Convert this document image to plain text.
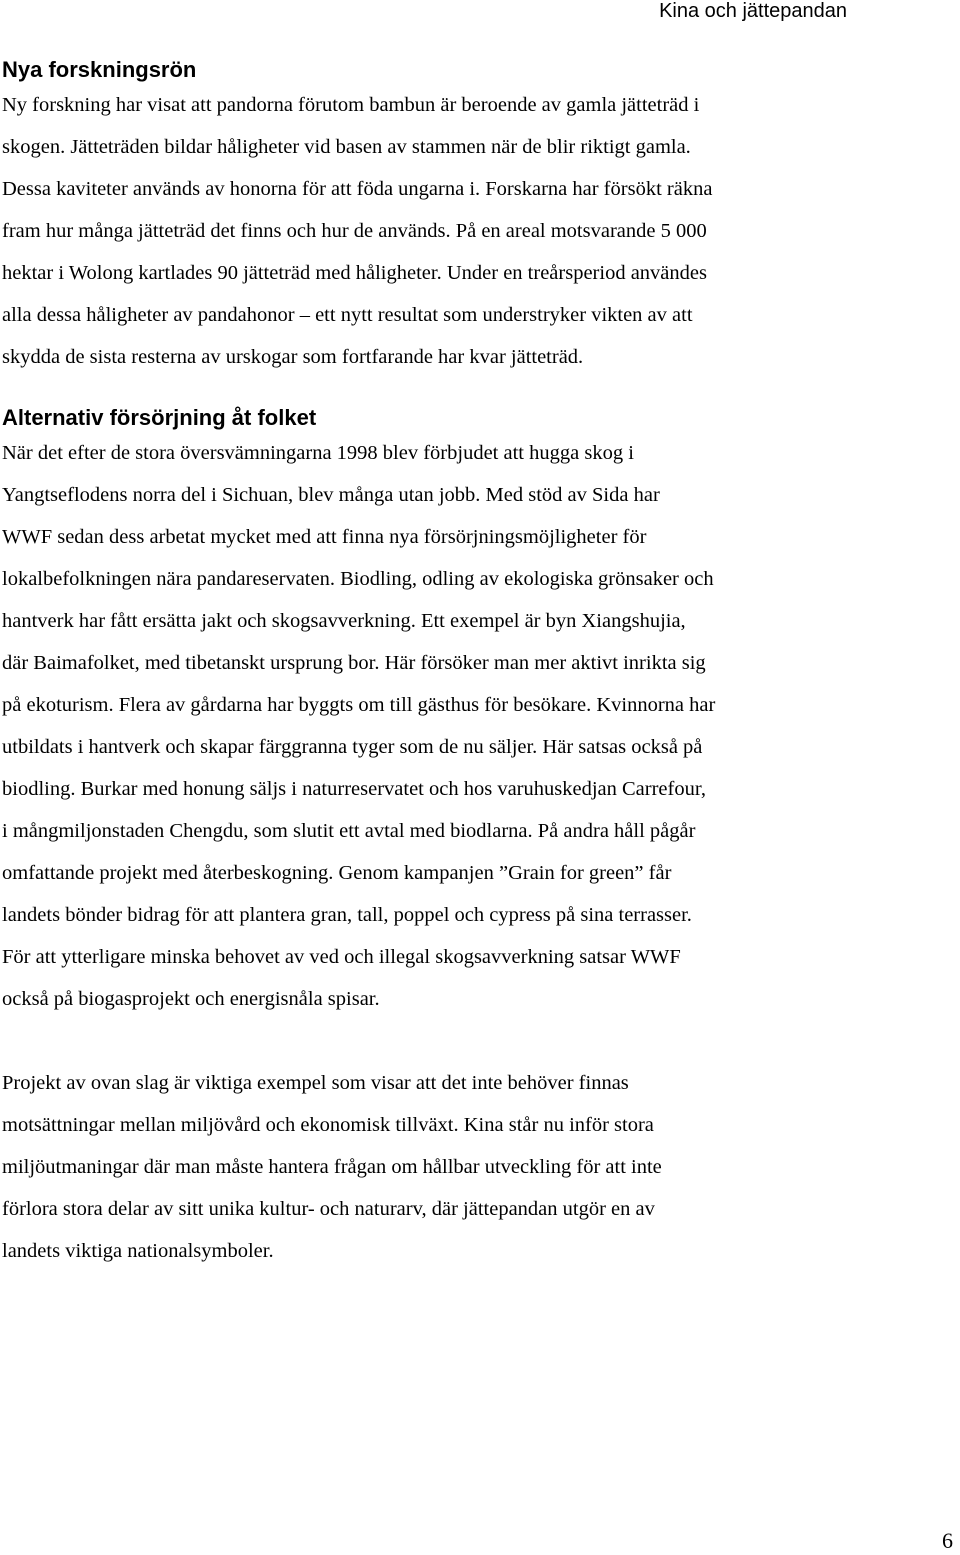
Kina och jättepandan
Nya forskningsrön

Ny forskning har visat att pandorna förutom bambun är beroende av gamla jätteträd i
skogen. Jätteträden bildar håligheter vid basen av stammen när de blir riktigt gamla.
Dessa kaviteter används av honorna för att föda ungarna i. Forskarna har försökt räkna
fram hur många jätteträd det finns och hur de används. På en areal motsvarande 5 000
hektar i Wolong kartlades 90 jätteträd med håligheter. Under en treårsperiod användes
alla dessa håligheter av pandahonor – ett nytt resultat som understryker vikten av att
skydda de sista resterna av urskogar som fortfarande har kvar jätteträd.

Alternativ försörjning åt folket

När det efter de stora översvämningarna 1998 blev förbjudet att hugga skog i
Yangtseflodens norra del i Sichuan, blev många utan jobb. Med stöd av Sida har
WWF sedan dess arbetat mycket med att finna nya försörjningsmöjligheter för
lokalbefolkningen nära pandareservaten. Biodling, odling av ekologiska grönsaker och
hantverk har fått ersätta jakt och skogsavverkning. Ett exempel är byn Xiangshujia,
där Baimafolket, med tibetanskt ursprung bor. Här försöker man mer aktivt inrikta sig
på ekoturism. Flera av gårdarna har byggts om till gästhus för besökare. Kvinnorna har
utbildats i hantverk och skapar färggranna tyger som de nu säljer. Här satsas också på
biodling. Burkar med honung säljs i naturreservatet och hos varuhuskedjan Carrefour,
i mångmiljonstaden Chengdu, som slutit ett avtal med biodlarna. På andra håll pågår
omfattande projekt med återbeskogning. Genom kampanjen ”Grain for green” får
landets bönder bidrag för att plantera gran, tall, poppel och cypress på sina terrasser.
För att ytterligare minska behovet av ved och illegal skogsavverkning satsar WWF
också på biogasprojekt och energisnåla spisar.

Projekt av ovan slag är viktiga exempel som visar att det inte behöver finnas
motsättningar mellan miljövård och ekonomisk tillväxt. Kina står nu inför stora
miljöutmaningar där man måste hantera frågan om hållbar utveckling för att inte
förlora stora delar av sitt unika kultur- och naturarv, där jättepandan utgör en av
landets viktiga nationalsymboler.

6
